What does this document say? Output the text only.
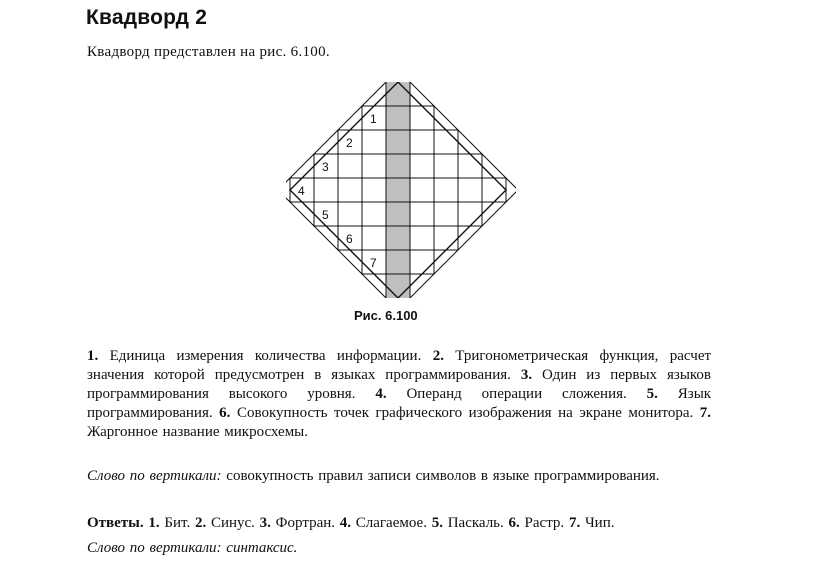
Квадворд 2
Квадворд представлен на рис. 6.100.
1
2
3
4
5
6
7
Рис. 6.100
1. Единица измерения количества информации. 2. Тригонометрическая функция, расчет значения которой предусмотрен в языках программирования. 3. Один из первых языков программирования высокого уровня. 4. Операнд операции сложения. 5. Язык программирования. 6. Совокупность точек графического изображения на экране монитора. 7. Жаргонное название микросхемы.
Слово по вертикали: совокупность правил записи символов в языке программирования.
Ответы. 1. Бит. 2. Синус. 3. Фортран. 4. Слагаемое. 5. Паскаль. 6. Растр. 7. Чип.
Слово по вертикали: синтаксис.
